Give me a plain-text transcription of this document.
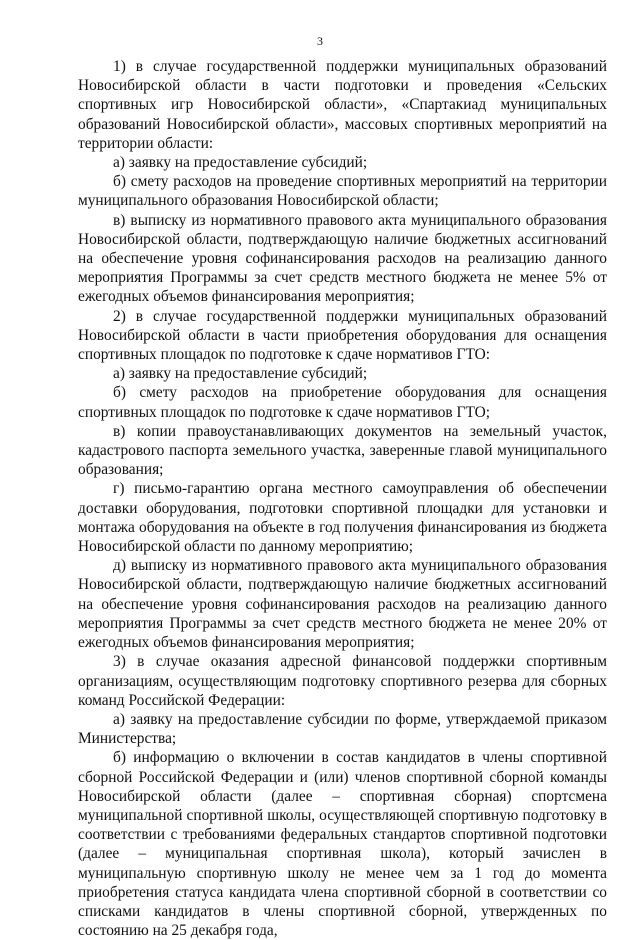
3

1) в случае государственной поддержки муниципальных образований Новосибирской области в части подготовки и проведения «Сельских спортивных игр Новосибирской области», «Спартакиад муниципальных образований Новосибирской области», массовых спортивных мероприятий на территории области:

а) заявку на предоставление субсидий;

б) смету расходов на проведение спортивных мероприятий на территории муниципального образования Новосибирской области;

в) выписку из нормативного правового акта муниципального образования Новосибирской области, подтверждающую наличие бюджетных ассигнований на обеспечение уровня софинансирования расходов на реализацию данного мероприятия Программы за счет средств местного бюджета не менее 5% от ежегодных объемов финансирования мероприятия;

2) в случае государственной поддержки муниципальных образований Новосибирской области в части приобретения оборудования для оснащения спортивных площадок по подготовке к сдаче нормативов ГТО:

а) заявку на предоставление субсидий;

б) смету расходов на приобретение оборудования для оснащения спортивных площадок по подготовке к сдаче нормативов ГТО;

в) копии правоустанавливающих документов на земельный участок, кадастрового паспорта земельного участка, заверенные главой муниципального образования;

г) письмо-гарантию органа местного самоуправления об обеспечении доставки оборудования, подготовки спортивной площадки для установки и монтажа оборудования на объекте в год получения финансирования из бюджета Новосибирской области по данному мероприятию;

д) выписку из нормативного правового акта муниципального образования Новосибирской области, подтверждающую наличие бюджетных ассигнований на обеспечение уровня софинансирования расходов на реализацию данного мероприятия Программы за счет средств местного бюджета не менее 20% от ежегодных объемов финансирования мероприятия;

3) в случае оказания адресной финансовой поддержки спортивным организациям, осуществляющим подготовку спортивного резерва для сборных команд Российской Федерации:

а) заявку на предоставление субсидии по форме, утверждаемой приказом Министерства;

б) информацию о включении в состав кандидатов в члены спортивной сборной Российской Федерации и (или) членов спортивной сборной команды Новосибирской области (далее – спортивная сборная) спортсмена муниципальной спортивной школы, осуществляющей спортивную подготовку в соответствии с требованиями федеральных стандартов спортивной подготовки (далее – муниципальная спортивная школа), который зачислен в муниципальную спортивную школу не менее чем за 1 год до момента приобретения статуса кандидата члена спортивной сборной в соответствии со списками кандидатов в члены спортивной сборной, утвержденных по состоянию на 25 декабря года,
